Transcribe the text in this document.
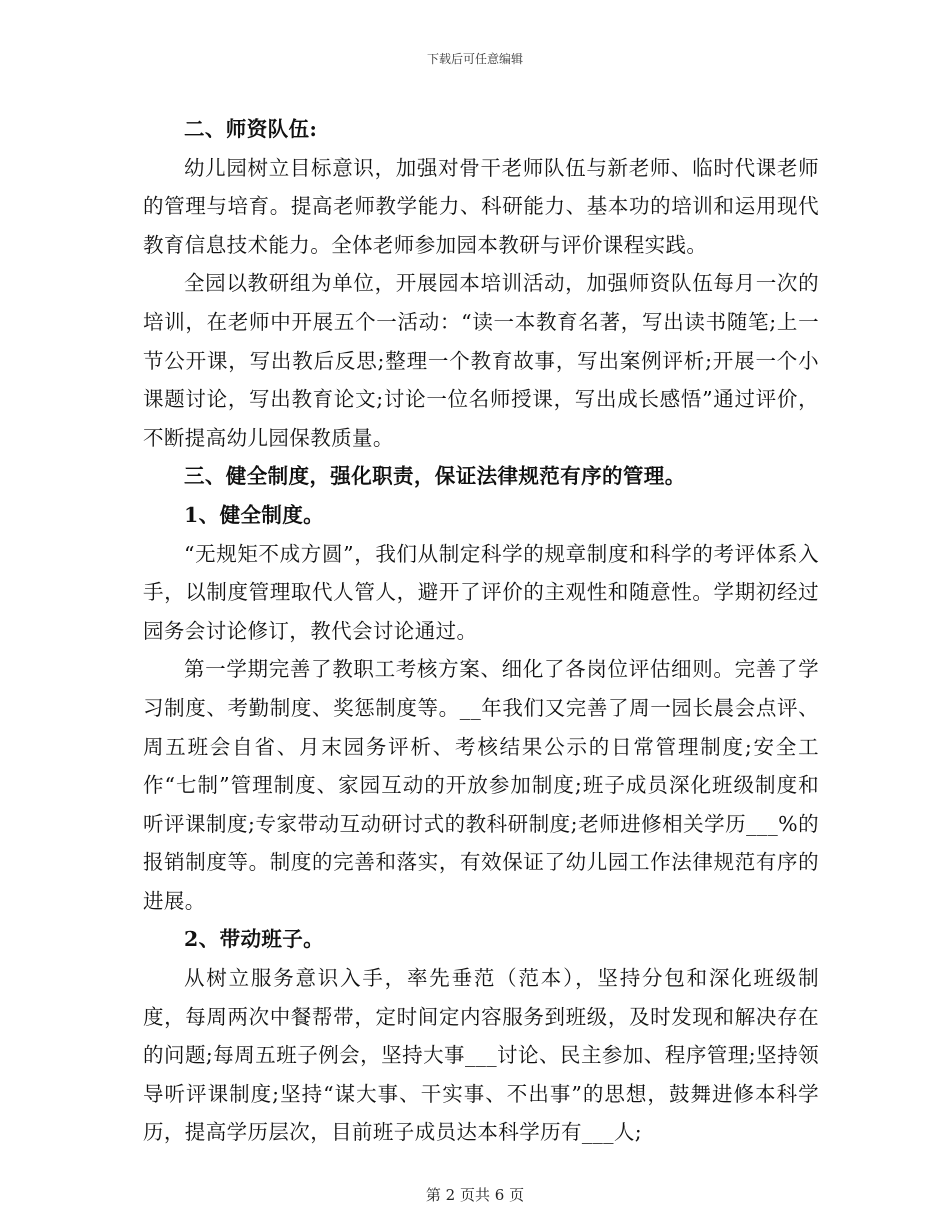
下载后可任意编辑

二、师资队伍:

幼儿园树立目标意识，加强对骨干老师队伍与新老师、临时代课老师的管理与培育。提高老师教学能力、科研能力、基本功的培训和运用现代教育信息技术能力。全体老师参加园本教研与评价课程实践。

全园以教研组为单位，开展园本培训活动，加强师资队伍每月一次的培训，在老师中开展五个一活动：“读一本教育名著，写出读书随笔;上一节公开课，写出教后反思;整理一个教育故事，写出案例评析;开展一个小课题讨论，写出教育论文;讨论一位名师授课，写出成长感悟”通过评价，不断提高幼儿园保教质量。

三、健全制度，强化职责，保证法律规范有序的管理。

1、健全制度。

“无规矩不成方圆”，我们从制定科学的规章制度和科学的考评体系入手，以制度管理取代人管人，避开了评价的主观性和随意性。学期初经过园务会讨论修订，教代会讨论通过。

第一学期完善了教职工考核方案、细化了各岗位评估细则。完善了学习制度、考勤制度、奖惩制度等。__年我们又完善了周一园长晨会点评、周五班会自省、月末园务评析、考核结果公示的日常管理制度;安全工作“七制”管理制度、家园互动的开放参加制度;班子成员深化班级制度和听评课制度;专家带动互动研讨式的教科研制度;老师进修相关学历___%的报销制度等。制度的完善和落实，有效保证了幼儿园工作法律规范有序的进展。

2、带动班子。

从树立服务意识入手，率先垂范（范本），坚持分包和深化班级制度，每周两次中餐帮带，定时间定内容服务到班级，及时发现和解决存在的问题;每周五班子例会，坚持大事___讨论、民主参加、程序管理;坚持领导听评课制度;坚持“谋大事、干实事、不出事”的思想，鼓舞进修本科学历，提高学历层次，目前班子成员达本科学历有___人;

第 2 页共 6 页
